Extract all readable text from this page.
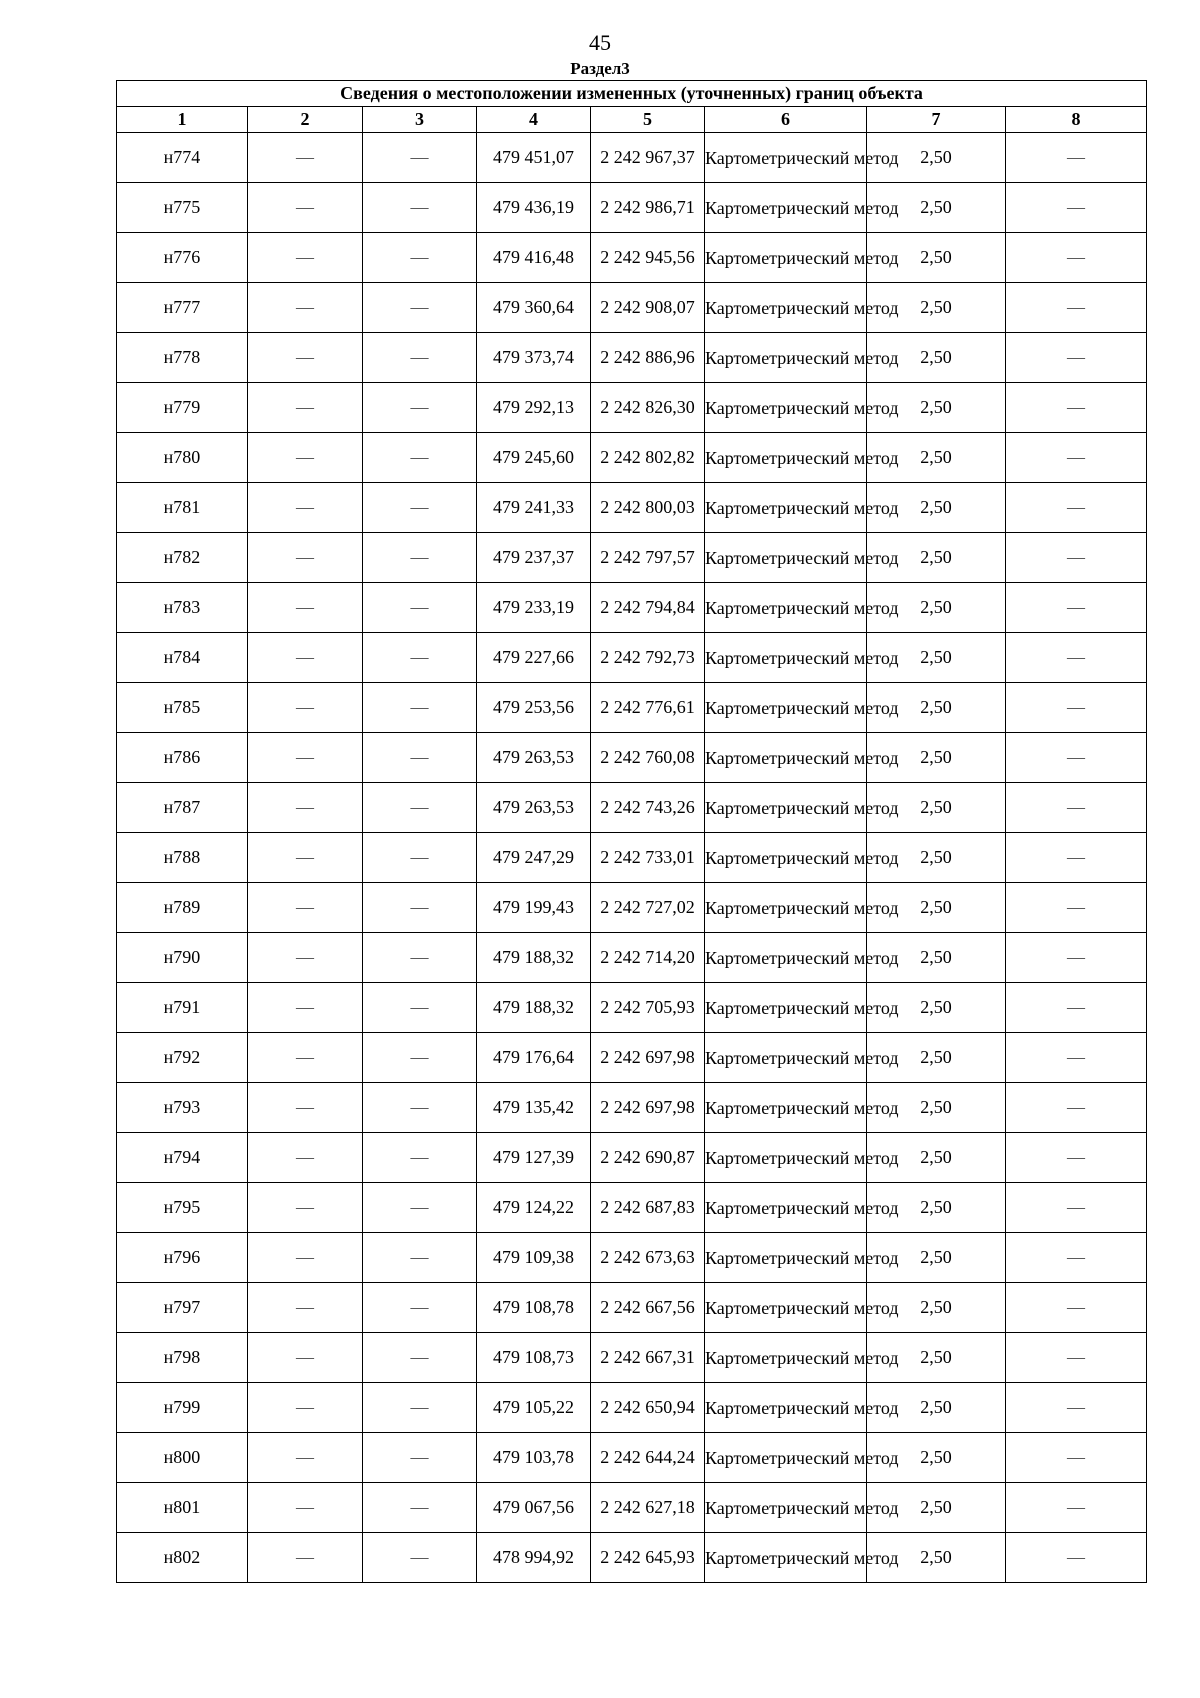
45
Раздел3
Сведения о местоположении измененных (уточненных) границ объекта							
1	2	3	4	5	6	7	8
н774	—	—	479 451,07	2 242 967,37	Картометрический метод	2,50	—
н775	—	—	479 436,19	2 242 986,71	Картометрический метод	2,50	—
н776	—	—	479 416,48	2 242 945,56	Картометрический метод	2,50	—
н777	—	—	479 360,64	2 242 908,07	Картометрический метод	2,50	—
н778	—	—	479 373,74	2 242 886,96	Картометрический метод	2,50	—
н779	—	—	479 292,13	2 242 826,30	Картометрический метод	2,50	—
н780	—	—	479 245,60	2 242 802,82	Картометрический метод	2,50	—
н781	—	—	479 241,33	2 242 800,03	Картометрический метод	2,50	—
н782	—	—	479 237,37	2 242 797,57	Картометрический метод	2,50	—
н783	—	—	479 233,19	2 242 794,84	Картометрический метод	2,50	—
н784	—	—	479 227,66	2 242 792,73	Картометрический метод	2,50	—
н785	—	—	479 253,56	2 242 776,61	Картометрический метод	2,50	—
н786	—	—	479 263,53	2 242 760,08	Картометрический метод	2,50	—
н787	—	—	479 263,53	2 242 743,26	Картометрический метод	2,50	—
н788	—	—	479 247,29	2 242 733,01	Картометрический метод	2,50	—
н789	—	—	479 199,43	2 242 727,02	Картометрический метод	2,50	—
н790	—	—	479 188,32	2 242 714,20	Картометрический метод	2,50	—
н791	—	—	479 188,32	2 242 705,93	Картометрический метод	2,50	—
н792	—	—	479 176,64	2 242 697,98	Картометрический метод	2,50	—
н793	—	—	479 135,42	2 242 697,98	Картометрический метод	2,50	—
н794	—	—	479 127,39	2 242 690,87	Картометрический метод	2,50	—
н795	—	—	479 124,22	2 242 687,83	Картометрический метод	2,50	—
н796	—	—	479 109,38	2 242 673,63	Картометрический метод	2,50	—
н797	—	—	479 108,78	2 242 667,56	Картометрический метод	2,50	—
н798	—	—	479 108,73	2 242 667,31	Картометрический метод	2,50	—
н799	—	—	479 105,22	2 242 650,94	Картометрический метод	2,50	—
н800	—	—	479 103,78	2 242 644,24	Картометрический метод	2,50	—
н801	—	—	479 067,56	2 242 627,18	Картометрический метод	2,50	—
н802	—	—	478 994,92	2 242 645,93	Картометрический метод	2,50	—
